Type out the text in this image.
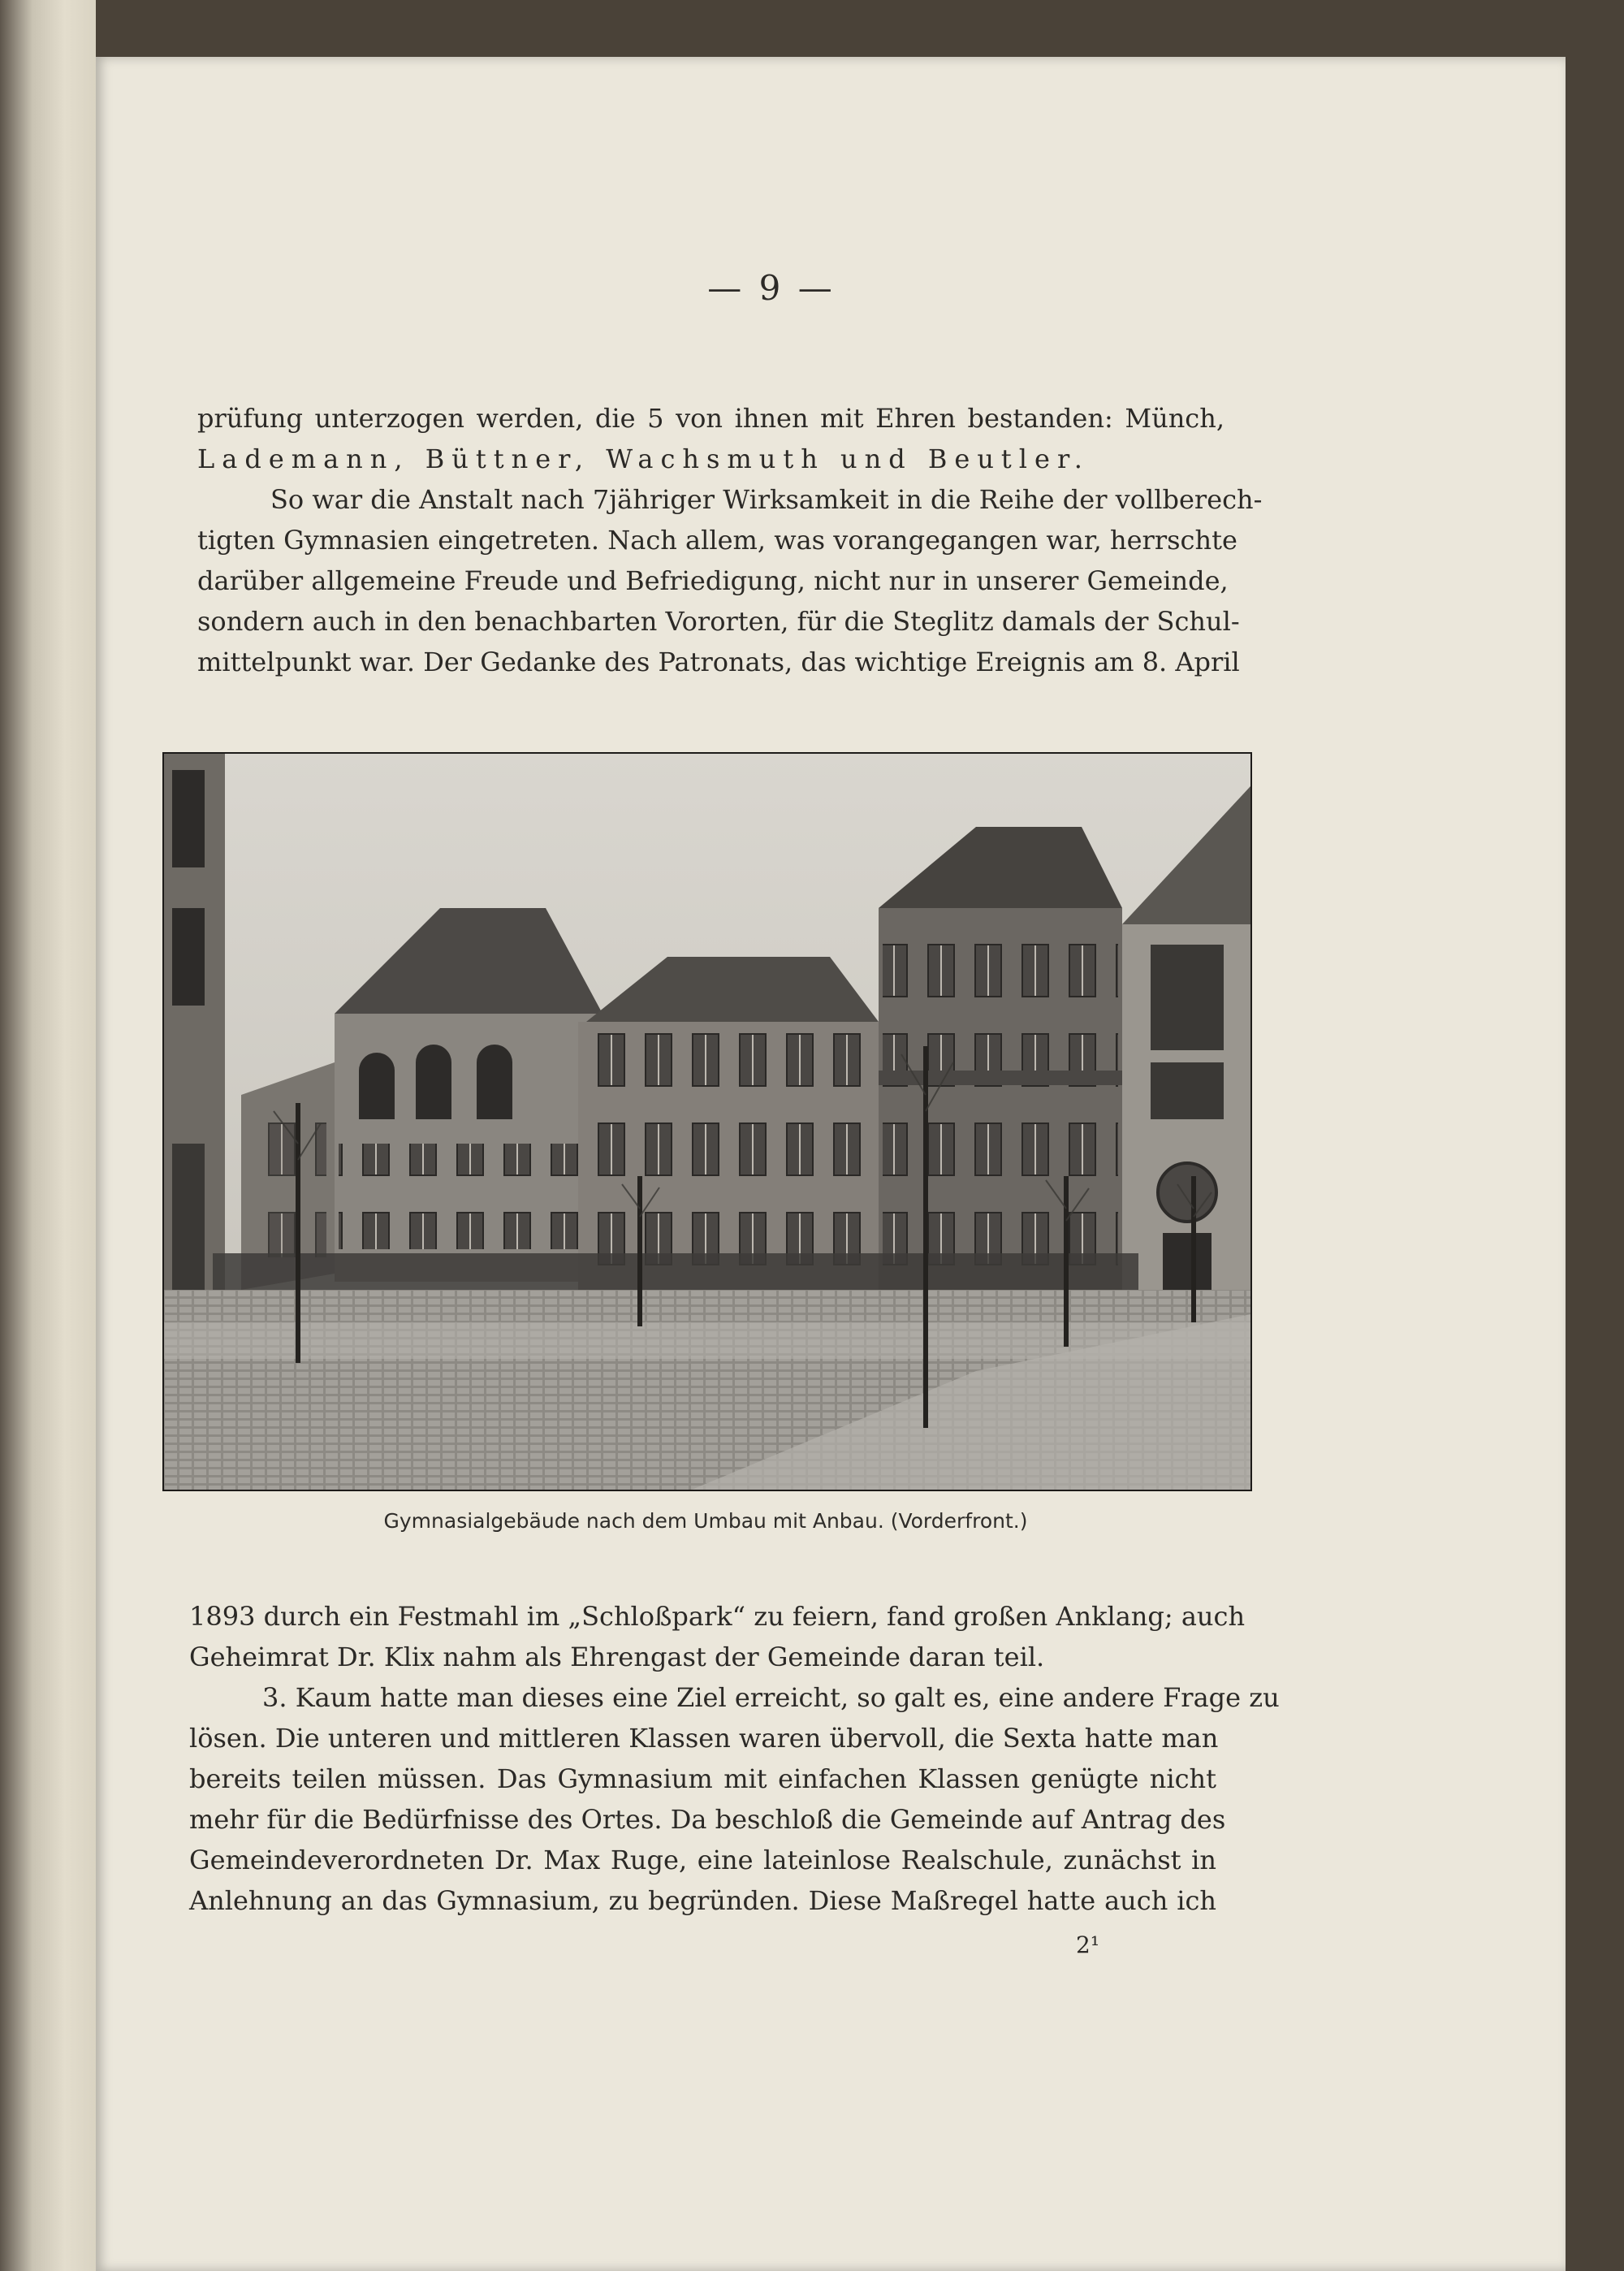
— 9 —

prüfung unterzogen werden, die 5 von ihnen mit Ehren bestanden: Münch,

Lademann, Büttner, Wachsmuth und Beutler.

So war die Anstalt nach 7jähriger Wirksamkeit in die Reihe der vollberech-

tigten Gymnasien eingetreten. Nach allem, was vorangegangen war, herrschte

darüber allgemeine Freude und Befriedigung, nicht nur in unserer Gemeinde,

sondern auch in den benachbarten Vororten, für die Steglitz damals der Schul-

mittelpunkt war. Der Gedanke des Patronats, das wichtige Ereignis am 8. April

Gymnasialgebäude nach dem Umbau mit Anbau. (Vorderfront.)

1893 durch ein Festmahl im „Schloßpark“ zu feiern, fand großen Anklang; auch

Geheimrat Dr. Klix nahm als Ehrengast der Gemeinde daran teil.

3. Kaum hatte man dieses eine Ziel erreicht, so galt es, eine andere Frage zu

lösen. Die unteren und mittleren Klassen waren übervoll, die Sexta hatte man

bereits teilen müssen. Das Gymnasium mit einfachen Klassen genügte nicht

mehr für die Bedürfnisse des Ortes. Da beschloß die Gemeinde auf Antrag des

Gemeindeverordneten Dr. Max Ruge, eine lateinlose Realschule, zunächst in

Anlehnung an das Gymnasium, zu begründen. Diese Maßregel hatte auch ich

2¹
